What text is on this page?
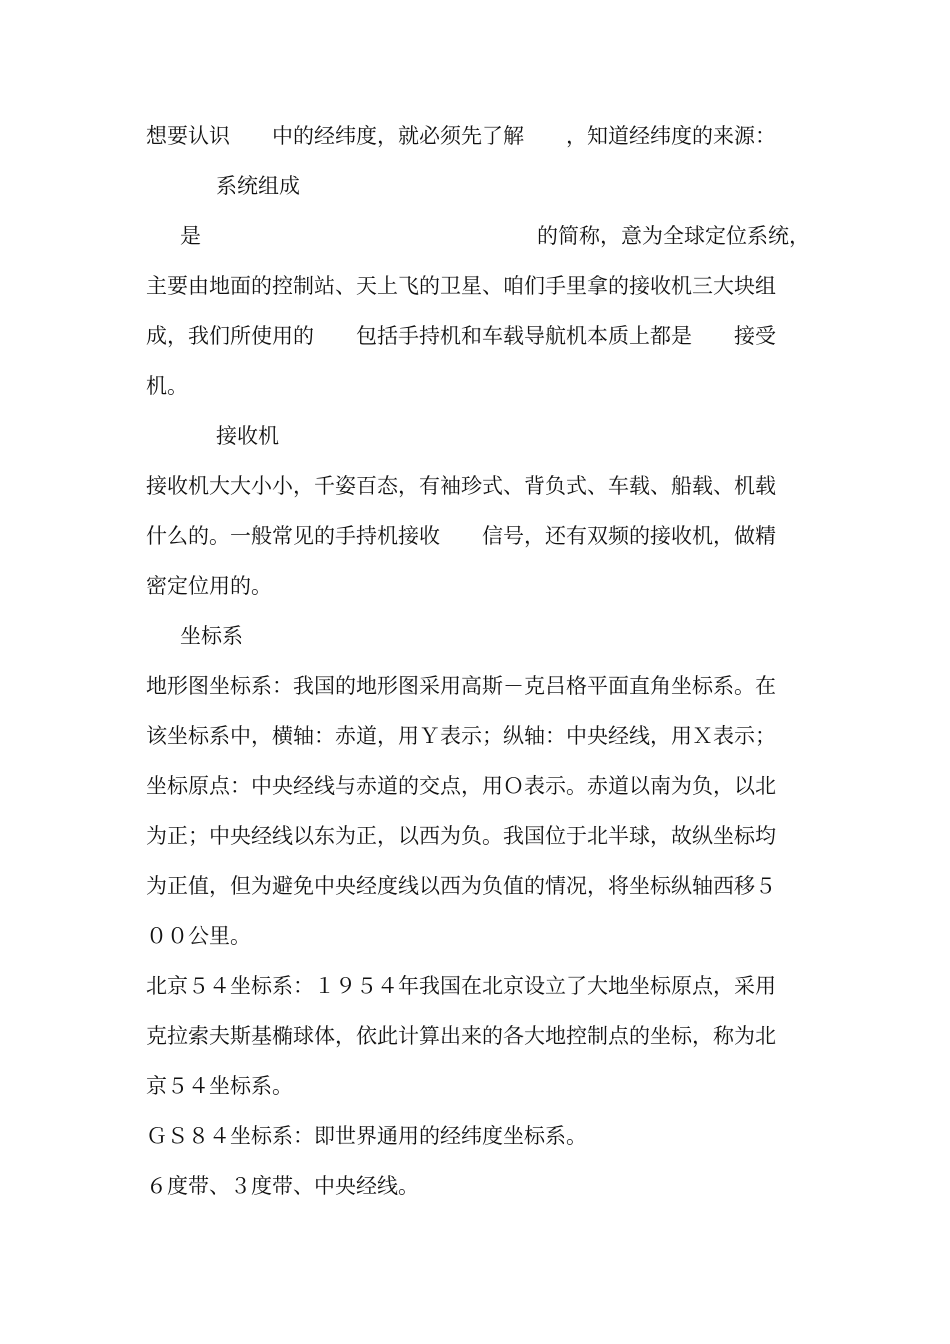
想要认识　　中的经纬度，就必须先了解　　，知道经纬度的来源：
系统组成
是　　　　　　　　　　　　　　　　的简称，意为全球定位系统，
主要由地面的控制站、天上飞的卫星、咱们手里拿的接收机三大块组
成，我们所使用的　　包括手持机和车载导航机本质上都是　　接受
机。
接收机
接收机大大小小，千姿百态，有袖珍式、背负式、车载、船载、机载
什么的。一般常见的手持机接收　　信号，还有双频的接收机，做精
密定位用的。
坐标系
地形图坐标系：我国的地形图采用高斯－克吕格平面直角坐标系。在
该坐标系中，横轴：赤道，用Ｙ表示；纵轴：中央经线，用Ｘ表示；
坐标原点：中央经线与赤道的交点，用Ｏ表示。赤道以南为负，以北
为正；中央经线以东为正，以西为负。我国位于北半球，故纵坐标均
为正值，但为避免中央经度线以西为负值的情况，将坐标纵轴西移５
００公里。
北京５４坐标系：１９５４年我国在北京设立了大地坐标原点，采用
克拉索夫斯基椭球体，依此计算出来的各大地控制点的坐标，称为北
京５４坐标系。
ＧＳ８４坐标系：即世界通用的经纬度坐标系。
６度带、３度带、中央经线。
